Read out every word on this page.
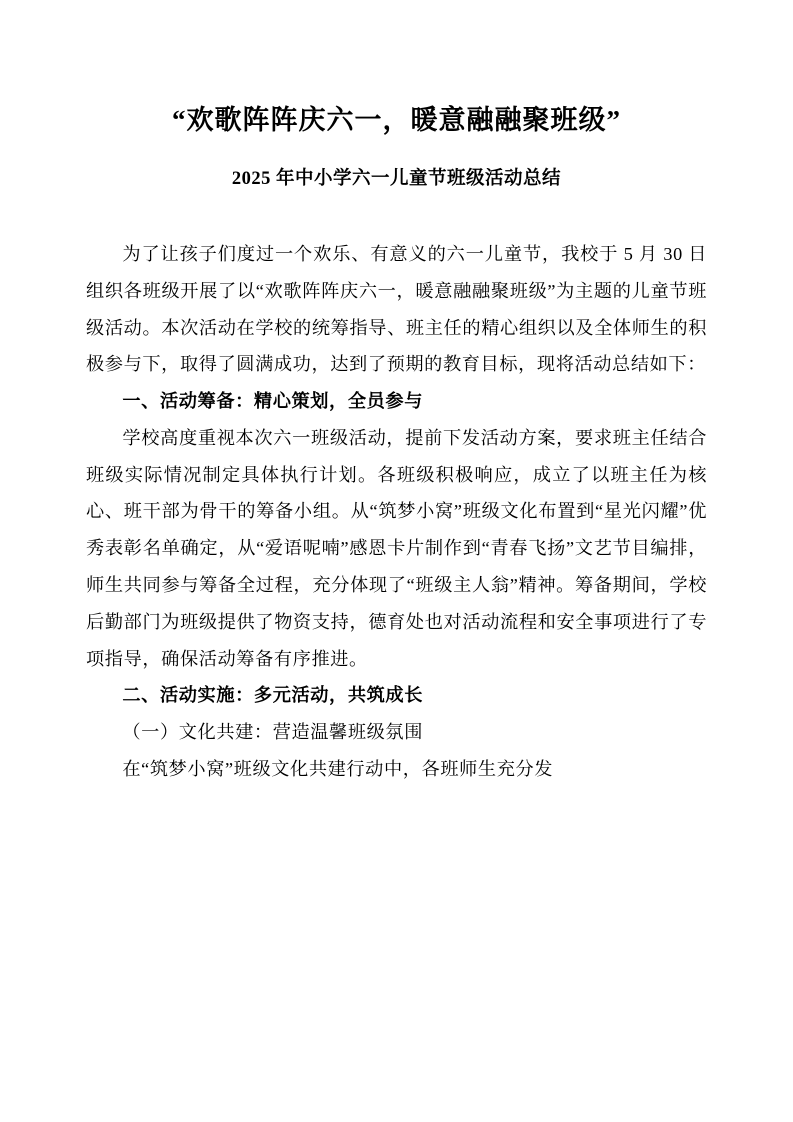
“欢歌阵阵庆六一，暖意融融聚班级”
2025 年中小学六一儿童节班级活动总结

为了让孩子们度过一个欢乐、有意义的六一儿童节，我校于 5 月 30 日组织各班级开展了以“欢歌阵阵庆六一，暖意融融聚班级”为主题的儿童节班级活动。本次活动在学校的统筹指导、班主任的精心组织以及全体师生的积极参与下，取得了圆满成功，达到了预期的教育目标，现将活动总结如下：

一、活动筹备：精心策划，全员参与

学校高度重视本次六一班级活动，提前下发活动方案，要求班主任结合班级实际情况制定具体执行计划。各班级积极响应，成立了以班主任为核心、班干部为骨干的筹备小组。从“筑梦小窝”班级文化布置到“星光闪耀”优秀表彰名单确定，从“爱语呢喃”感恩卡片制作到“青春飞扬”文艺节目编排，师生共同参与筹备全过程，充分体现了“班级主人翁”精神。筹备期间，学校后勤部门为班级提供了物资支持，德育处也对活动流程和安全事项进行了专项指导，确保活动筹备有序推进。

二、活动实施：多元活动，共筑成长

（一）文化共建：营造温馨班级氛围

在“筑梦小窝”班级文化共建行动中，各班师生充分发
